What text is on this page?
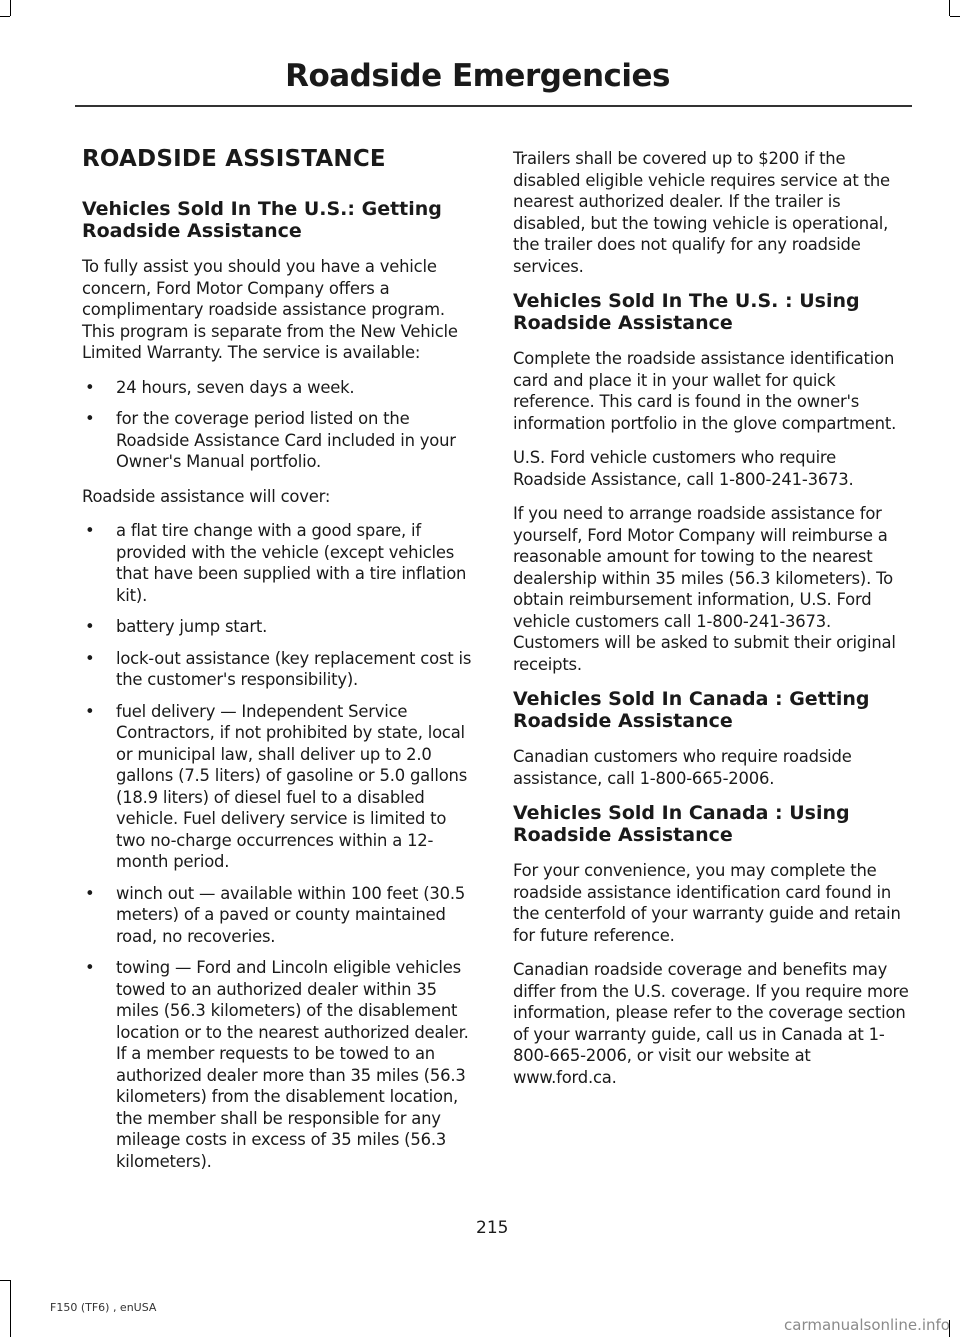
Roadside Emergencies
ROADSIDE ASSISTANCE
Vehicles Sold In The U.S.: Getting Roadside Assistance

To fully assist you should you have a vehicle concern, Ford Motor Company offers a complimentary roadside assistance program. This program is separate from the New Vehicle Limited Warranty. The service is available:

• 24 hours, seven days a week.
• for the coverage period listed on the Roadside Assistance Card included in your Owner's Manual portfolio.

Roadside assistance will cover:

• a flat tire change with a good spare, if provided with the vehicle (except vehicles that have been supplied with a tire inflation kit).
• battery jump start.
• lock-out assistance (key replacement cost is the customer's responsibility).
• fuel delivery — Independent Service Contractors, if not prohibited by state, local or municipal law, shall deliver up to 2.0 gallons (7.5 liters) of gasoline or 5.0 gallons (18.9 liters) of diesel fuel to a disabled vehicle. Fuel delivery service is limited to two no-charge occurrences within a 12-month period.
• winch out — available within 100 feet (30.5 meters) of a paved or county maintained road, no recoveries.
• towing — Ford and Lincoln eligible vehicles towed to an authorized dealer within 35 miles (56.3 kilometers) of the disablement location or to the nearest authorized dealer. If a member requests to be towed to an authorized dealer more than 35 miles (56.3 kilometers) from the disablement location, the member shall be responsible for any mileage costs in excess of 35 miles (56.3 kilometers).

Trailers shall be covered up to $200 if the disabled eligible vehicle requires service at the nearest authorized dealer. If the trailer is disabled, but the towing vehicle is operational, the trailer does not qualify for any roadside services.

Vehicles Sold In The U.S. : Using Roadside Assistance

Complete the roadside assistance identification card and place it in your wallet for quick reference. This card is found in the owner's information portfolio in the glove compartment.

U.S. Ford vehicle customers who require Roadside Assistance, call 1-800-241-3673.

If you need to arrange roadside assistance for yourself, Ford Motor Company will reimburse a reasonable amount for towing to the nearest dealership within 35 miles (56.3 kilometers). To obtain reimbursement information, U.S. Ford vehicle customers call 1-800-241-3673. Customers will be asked to submit their original receipts.

Vehicles Sold In Canada : Getting Roadside Assistance

Canadian customers who require roadside assistance, call 1-800-665-2006.

Vehicles Sold In Canada : Using Roadside Assistance

For your convenience, you may complete the roadside assistance identification card found in the centerfold of your warranty guide and retain for future reference.

Canadian roadside coverage and benefits may differ from the U.S. coverage. If you require more information, please refer to the coverage section of your warranty guide, call us in Canada at 1-800-665-2006, or visit our website at www.ford.ca.

215
F150 (TF6) , enUSA
carmanualsonline.info
